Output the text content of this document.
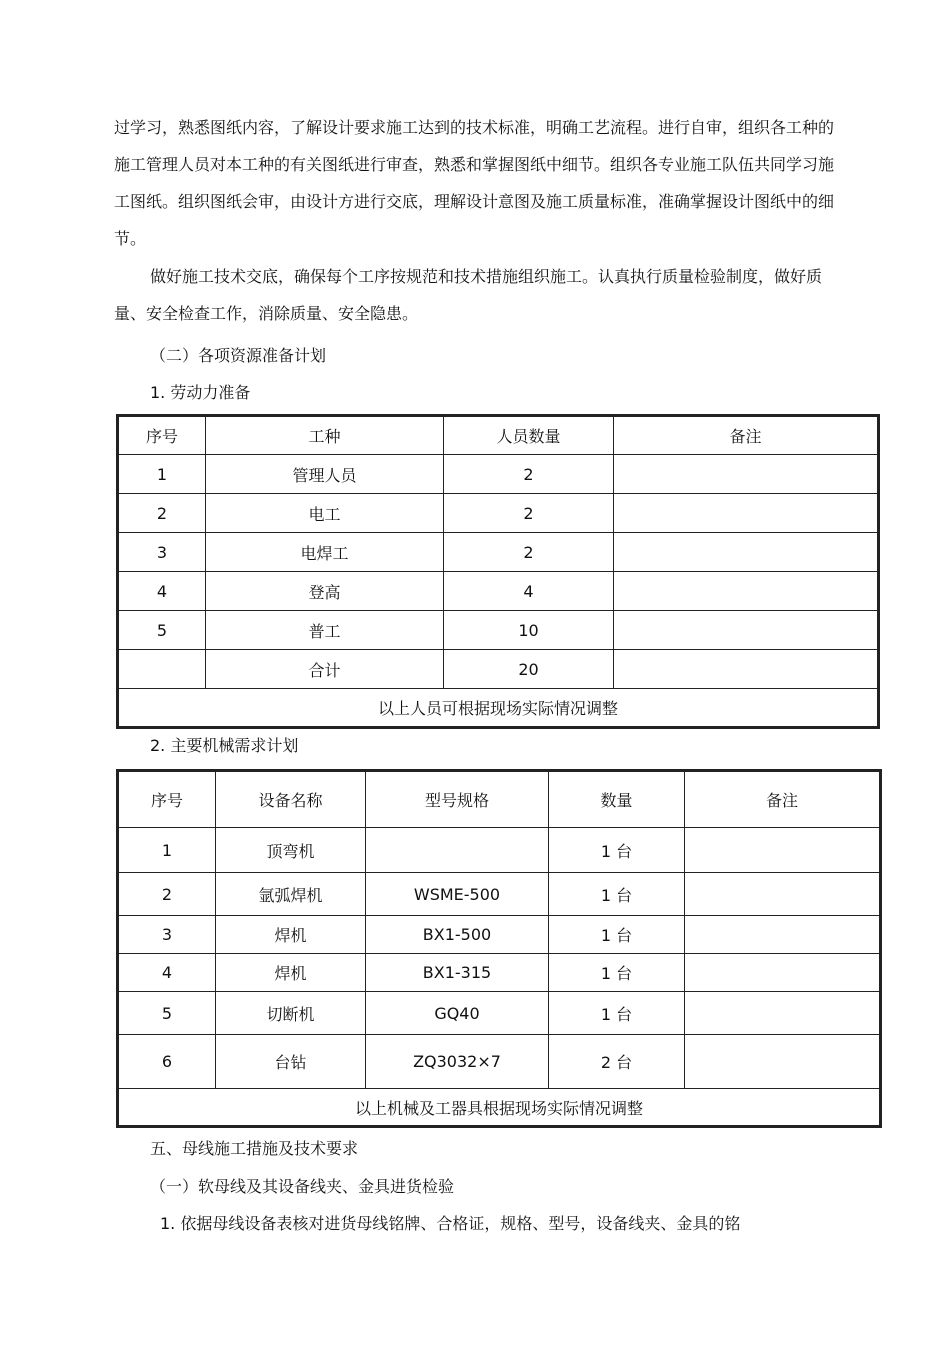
过学习，熟悉图纸内容，了解设计要求施工达到的技术标准，明确工艺流程。进行自审，组织各工种的施工管理人员对本工种的有关图纸进行审查，熟悉和掌握图纸中细节。组织各专业施工队伍共同学习施工图纸。组织图纸会审，由设计方进行交底，理解设计意图及施工质量标准，准确掌握设计图纸中的细节。

做好施工技术交底，确保每个工序按规范和技术措施组织施工。认真执行质量检验制度，做好质量、安全检查工作，消除质量、安全隐患。

（二）各项资源准备计划

1. 劳动力准备

序号	工种	人员数量	备注
1	管理人员	2	
2	电工	2	
3	电焊工	2	
4	登高	4	
5	普工	10	
	合计	20	
以上人员可根据现场实际情况调整			

2. 主要机械需求计划

序号	设备名称	型号规格	数量	备注
1	顶弯机		1 台	
2	氩弧焊机	WSME-500	1 台	
3	焊机	BX1-500	1 台	
4	焊机	BX1-315	1 台	
5	切断机	GQ40	1 台	
6	台钻	ZQ3032×7	2 台	
以上机械及工器具根据现场实际情况调整				

五、母线施工措施及技术要求

（一）软母线及其设备线夹、金具进货检验

1. 依据母线设备表核对进货母线铭牌、合格证，规格、型号，设备线夹、金具的铭
